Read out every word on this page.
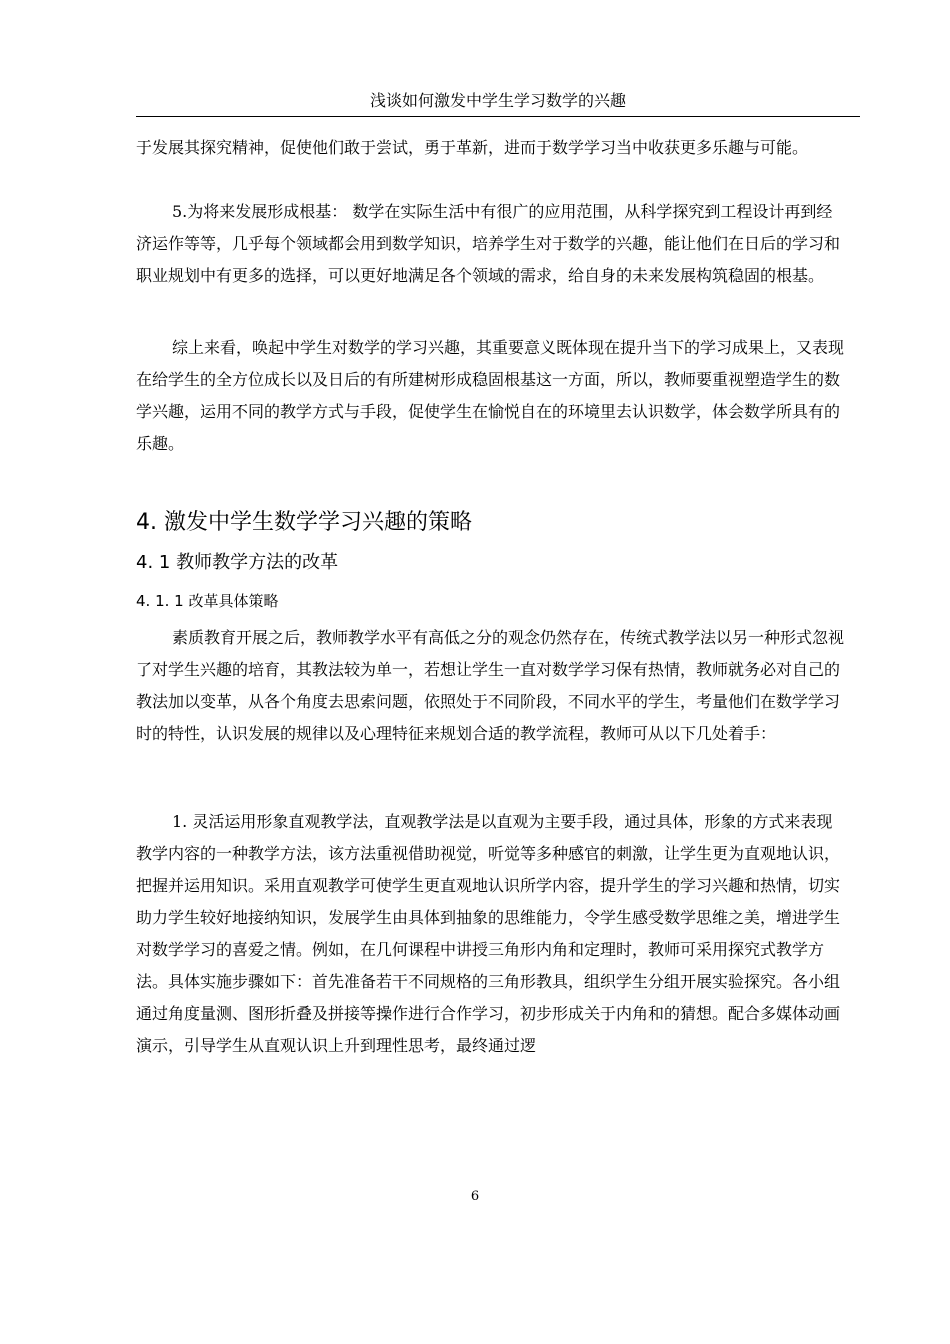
浅谈如何激发中学生学习数学的兴趣

于发展其探究精神，促使他们敢于尝试，勇于革新，进而于数学学习当中收获更多乐趣与可能。

5.为将来发展形成根基： 数学在实际生活中有很广的应用范围，从科学探究到工程设计再到经济运作等等，几乎每个领域都会用到数学知识，培养学生对于数学的兴趣，能让他们在日后的学习和职业规划中有更多的选择，可以更好地满足各个领域的需求，给自身的未来发展构筑稳固的根基。

综上来看，唤起中学生对数学的学习兴趣，其重要意义既体现在提升当下的学习成果上，又表现在给学生的全方位成长以及日后的有所建树形成稳固根基这一方面，所以，教师要重视塑造学生的数学兴趣，运用不同的教学方式与手段，促使学生在愉悦自在的环境里去认识数学，体会数学所具有的乐趣。

4. 激发中学生数学学习兴趣的策略
4. 1 教师教学方法的改革
4. 1. 1 改革具体策略

素质教育开展之后，教师教学水平有高低之分的观念仍然存在，传统式教学法以另一种形式忽视了对学生兴趣的培育，其教法较为单一，若想让学生一直对数学学习保有热情，教师就务必对自己的教法加以变革，从各个角度去思索问题，依照处于不同阶段，不同水平的学生，考量他们在数学学习时的特性，认识发展的规律以及心理特征来规划合适的教学流程，教师可从以下几处着手：

1. 灵活运用形象直观教学法，直观教学法是以直观为主要手段，通过具体，形象的方式来表现教学内容的一种教学方法，该方法重视借助视觉，听觉等多种感官的刺激，让学生更为直观地认识，把握并运用知识。采用直观教学可使学生更直观地认识所学内容，提升学生的学习兴趣和热情，切实助力学生较好地接纳知识，发展学生由具体到抽象的思维能力，令学生感受数学思维之美，增进学生对数学学习的喜爱之情。例如，在几何课程中讲授三角形内角和定理时，教师可采用探究式教学方法。具体实施步骤如下：首先准备若干不同规格的三角形教具，组织学生分组开展实验探究。各小组通过角度量测、图形折叠及拼接等操作进行合作学习，初步形成关于内角和的猜想。配合多媒体动画演示，引导学生从直观认识上升到理性思考，最终通过逻

6
